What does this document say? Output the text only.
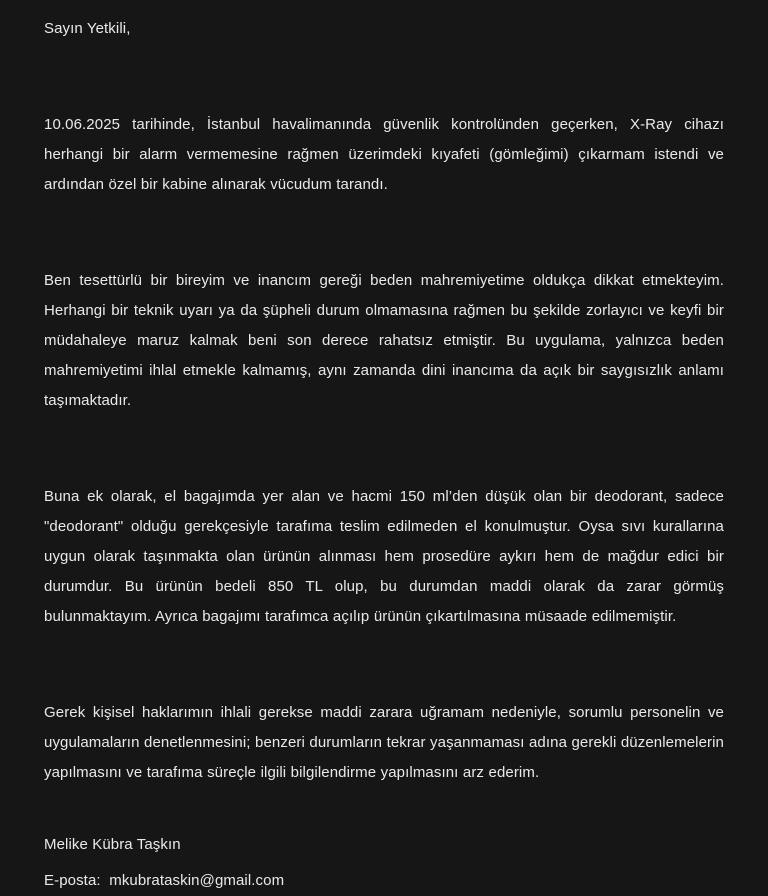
Sayın Yetkili,

10.06.2025 tarihinde, İstanbul havalimanında güvenlik kontrolünden geçerken, X-Ray cihazı herhangi bir alarm vermemesine rağmen üzerimdeki kıyafeti (gömleğimi) çıkarmam istendi ve ardından özel bir kabine alınarak vücudum tarandı.

Ben tesettürlü bir bireyim ve inancım gereği beden mahremiyetime oldukça dikkat etmekteyim. Herhangi bir teknik uyarı ya da şüpheli durum olmamasına rağmen bu şekilde zorlayıcı ve keyfi bir müdahaleye maruz kalmak beni son derece rahatsız etmiştir. Bu uygulama, yalnızca beden mahremiyetimi ihlal etmekle kalmamış, aynı zamanda dini inancıma da açık bir saygısızlık anlamı taşımaktadır.

Buna ek olarak, el bagajımda yer alan ve hacmi 150 ml’den düşük olan bir deodorant, sadece "deodorant" olduğu gerekçesiyle tarafıma teslim edilmeden el konulmuştur. Oysa sıvı kurallarına uygun olarak taşınmakta olan ürünün alınması hem prosedüre aykırı hem de mağdur edici bir durumdur. Bu ürünün bedeli 850 TL olup, bu durumdan maddi olarak da zarar görmüş bulunmaktayım. Ayrıca bagajımı tarafımca açılıp ürünün çıkartılmasına müsaade edilmemiştir.

Gerek kişisel haklarımın ihlali gerekse maddi zarara uğramam nedeniyle, sorumlu personelin ve uygulamaların denetlenmesini; benzeri durumların tekrar yaşanmaması adına gerekli düzenlemelerin yapılmasını ve tarafıma süreçle ilgili bilgilendirme yapılmasını arz ederim.

Melike Kübra Taşkın

E-posta: mkubrataskin@gmail.com
